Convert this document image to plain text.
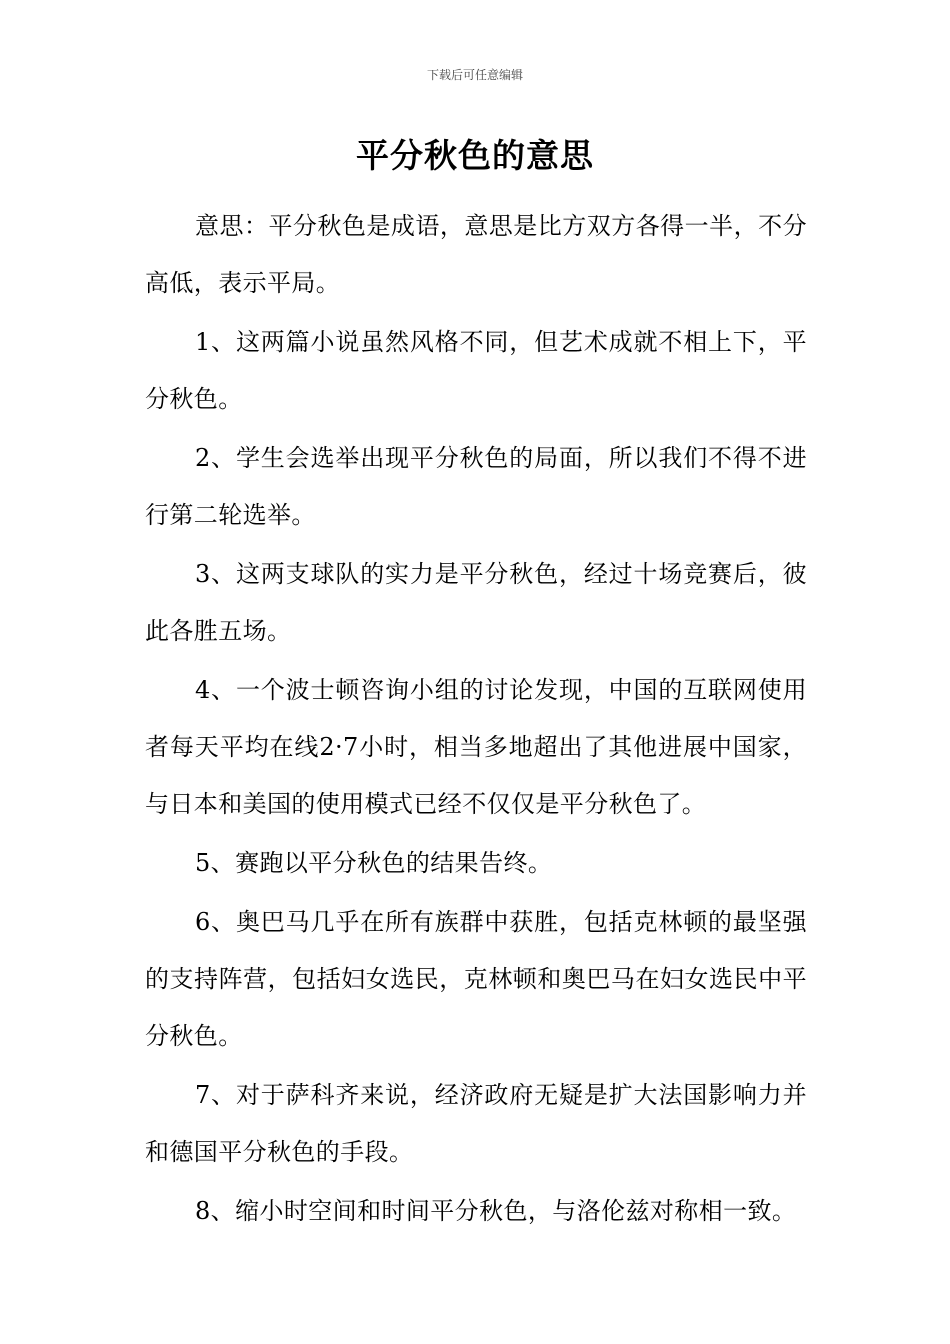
下载后可任意编辑
平分秋色的意思

意思：平分秋色是成语，意思是比方双方各得一半，不分高低，表示平局。

1、这两篇小说虽然风格不同，但艺术成就不相上下，平分秋色。

2、学生会选举出现平分秋色的局面，所以我们不得不进行第二轮选举。

3、这两支球队的实力是平分秋色，经过十场竞赛后，彼此各胜五场。

4、一个波士顿咨询小组的讨论发现，中国的互联网使用者每天平均在线2·7小时，相当多地超出了其他进展中国家，与日本和美国的使用模式已经不仅仅是平分秋色了。

5、赛跑以平分秋色的结果告终。

6、奥巴马几乎在所有族群中获胜，包括克林顿的最坚强的支持阵营，包括妇女选民，克林顿和奥巴马在妇女选民中平分秋色。

7、对于萨科齐来说，经济政府无疑是扩大法国影响力并和德国平分秋色的手段。

8、缩小时空间和时间平分秋色，与洛伦兹对称相一致。
